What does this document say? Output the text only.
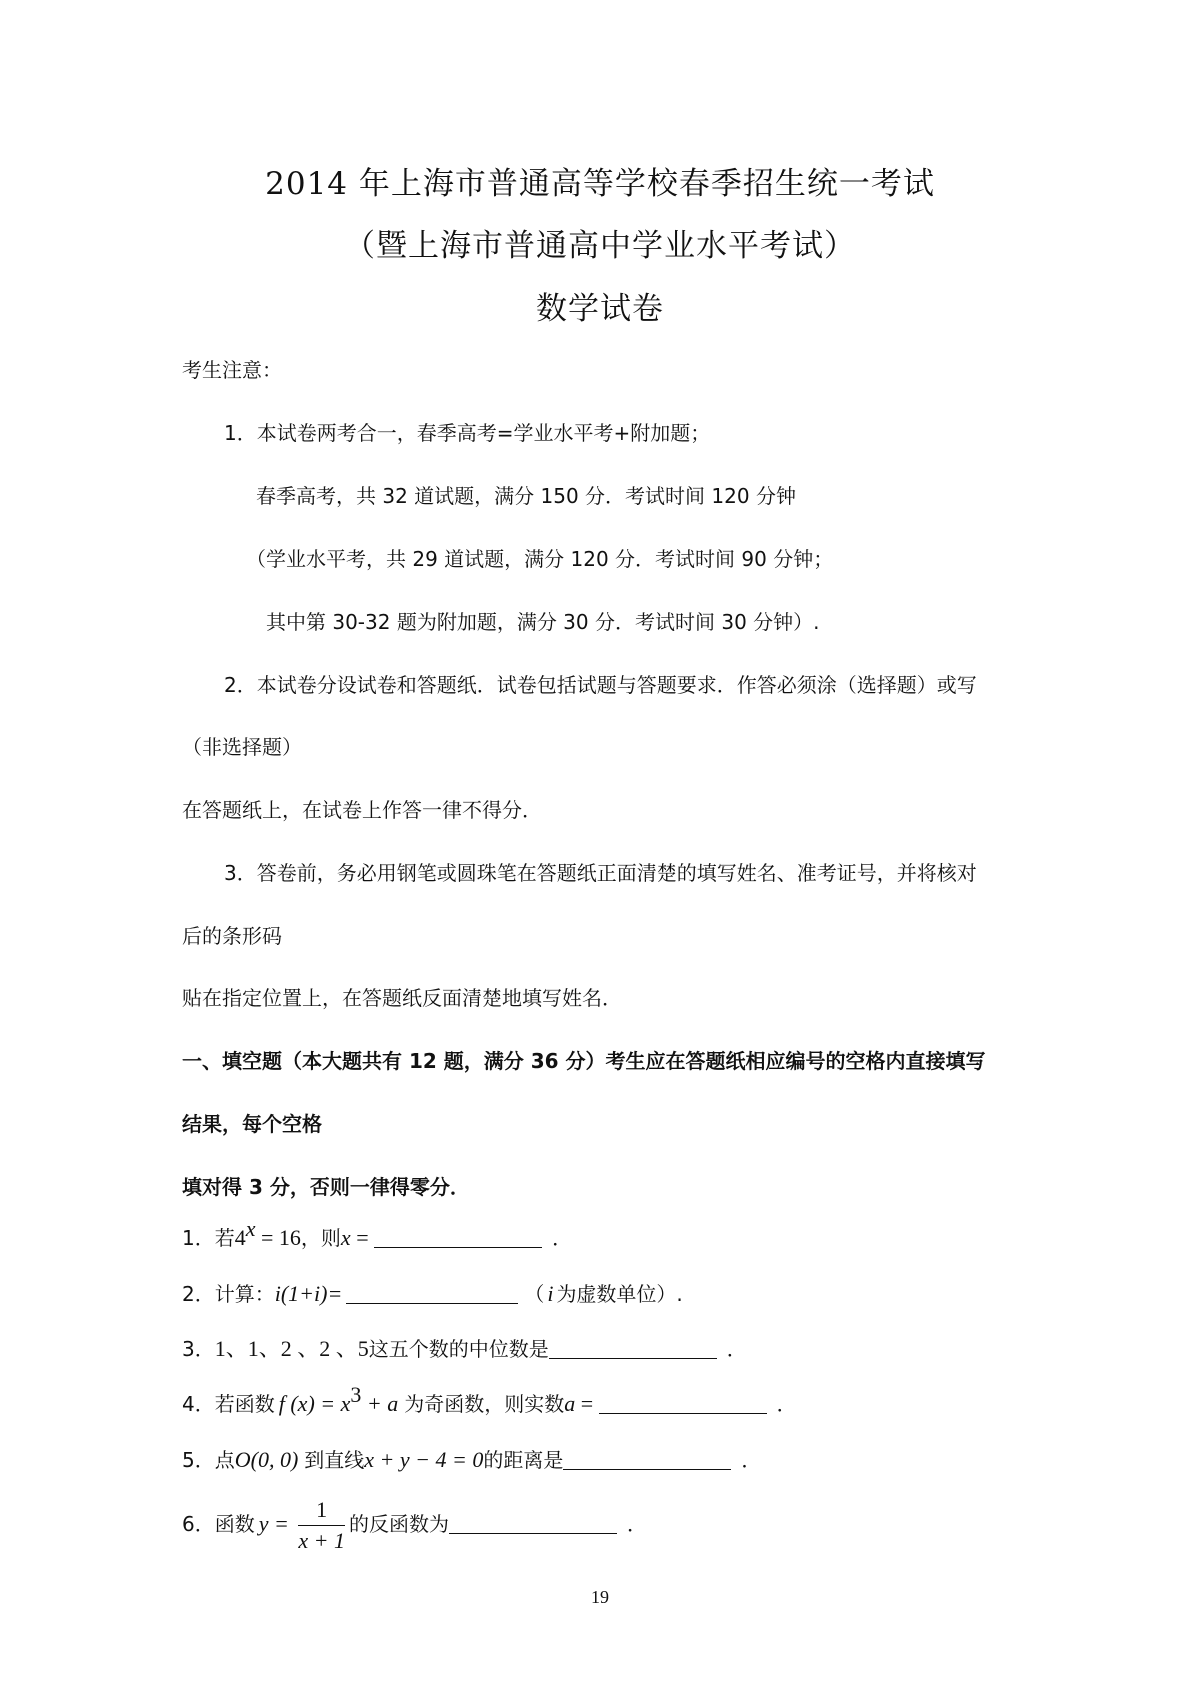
2014 年上海市普通高等学校春季招生统一考试
（暨上海市普通高中学业水平考试）
数学试卷
考生注意：
1．本试卷两考合一，春季高考=学业水平考+附加题；
春季高考，共 32 道试题，满分 150 分．考试时间 120 分钟
（学业水平考，共 29 道试题，满分 120 分．考试时间 90 分钟；
其中第 30-32 题为附加题，满分 30 分．考试时间 30 分钟）.
2．本试卷分设试卷和答题纸．试卷包括试题与答题要求．作答必须涂（选择题）或写
（非选择题）
在答题纸上，在试卷上作答一律不得分．
3．答卷前，务必用钢笔或圆珠笔在答题纸正面清楚的填写姓名、准考证号，并将核对
后的条形码
贴在指定位置上，在答题纸反面清楚地填写姓名．
一、填空题（本大题共有 12 题，满分 36 分）考生应在答题纸相应编号的空格内直接填写
结果，每个空格
填对得 3 分，否则一律得零分．
1．若$4^x = 16$，则x =	．
2．计算：i(1+i)=	（ i 为虚数单位）.
3．1、1、2 、2 、5这五个数的中位数是	．
4．若函数 f $(x) = x^3 + a$ 为奇函数，则实数a =	．
5．点O(0, 0) 到直线x + y − 4 = 0的距离是	．
6．函数 $y = \frac{1}{x + 1}$ 的反函数为	．
19
